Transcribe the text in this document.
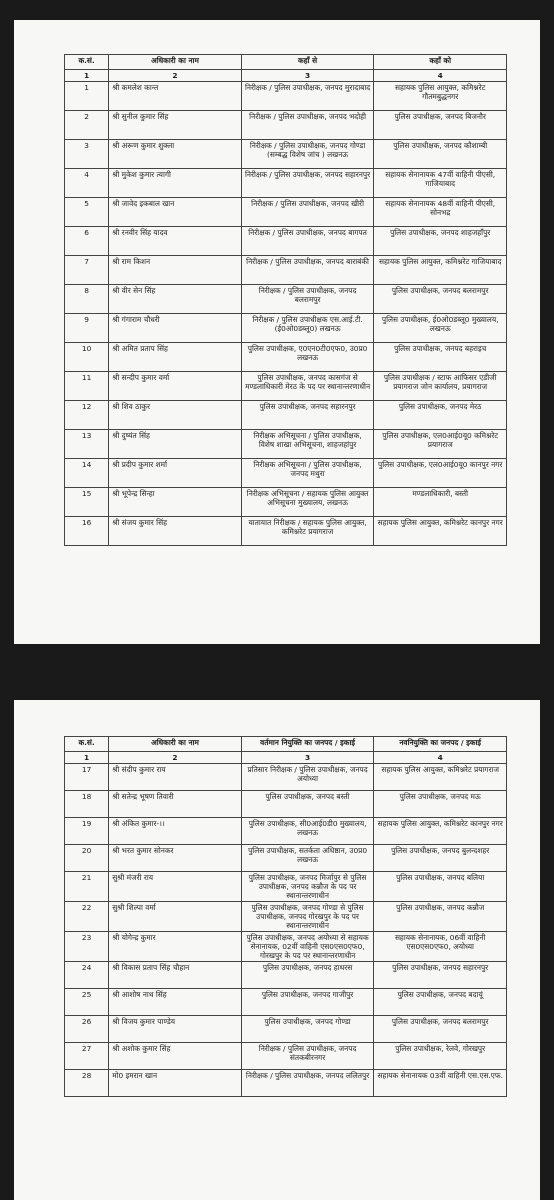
क.सं.	अधिकारी का नाम	कहाँ से	कहाँ को
1	2	3	4
1	श्री कमलेश कान्त	निरीक्षक / पुलिस उपाधीक्षक, जनपद मुरादाबाद	सहायक पुलिस आयुक्त, कमिश्नरेट गौतमबुद्धनगर
2	श्री सुनील कुमार सिंह	निरीक्षक / पुलिस उपाधीक्षक, जनपद भदोही	पुलिस उपाधीक्षक, जनपद बिजनौर
3	श्री अरूण कुमार शुक्ला	निरीक्षक / पुलिस उपाधीक्षक, जनपद गोण्डा (सम्बद्ध विशेष जांच ) लखनऊ	पुलिस उपाधीक्षक, जनपद कौशाम्बी
4	श्री मुकेश कुमार त्यागी	निरीक्षक / पुलिस उपाधीक्षक, जनपद सहारनपुर	सहायक सेनानायक 47वीं वाहिनी पीएसी, गाजियाबाद
5	श्री जावेद इकबाल खान	निरीक्षक / पुलिस उपाधीक्षक, जनपद खीरी	सहायक सेनानायक 48वीं वाहिनी पीएसी, सोनभद्र
6	श्री रनवीर सिंह यादव	निरीक्षक / पुलिस उपाधीक्षक, जनपद बागपत	पुलिस उपाधीक्षक, जनपद शाहजहाँपुर
7	श्री राम किशन	निरीक्षक / पुलिस उपाधीक्षक, जनपद बाराबंकी	सहायक पुलिस आयुक्त, कमिश्नरेट गाजियाबाद
8	श्री वीर सेन सिंह	निरीक्षक / पुलिस उपाधीक्षक, जनपद बलरामपुर	पुलिस उपाधीक्षक, जनपद बलरामपुर
9	श्री गंगाराम चौधरी	निरीक्षक / पुलिस उपाधीक्षक एस.आई.टी.(ई0ओ0डब्लू0) लखनऊ	पुलिस उपाधीक्षक, ई0ओ0डब्लू0 मुख्यालय, लखनऊ
10	श्री अमित प्रताप सिंह	पुलिस उपाधीक्षक, ए0एन0टी0एफ0, उ0प्र0 लखनऊ	पुलिस उपाधीक्षक, जनपद बहराइच
11	श्री सन्दीप कुमार वर्मा	पुलिस उपाधीक्षक, जनपद कासगंज से मण्डलाधिकारी मेरठ के पद पर स्थानान्तरणाधीन	पुलिस उपाधीक्षक / स्टाफ आफिसर एडीजी प्रयागराज जोन कार्यालय, प्रयागराज
12	श्री शिव ठाकुर	पुलिस उपाधीक्षक, जनपद सहारनपुर	पुलिस उपाधीक्षक, जनपद मेरठ
13	श्री दुष्यंत सिंह	निरीक्षक अभिसूचना / पुलिस उपाधीक्षक, विशेष शाखा अभिसूचना, शाहजहांपुर	पुलिस उपाधीक्षक, एल0आई0यू0 कमिश्नरेट प्रयागराज
14	श्री प्रदीप कुमार शर्मा	निरीक्षक अभिसूचना / पुलिस उपाधीक्षक, जनपद मथुरा	पुलिस उपाधीक्षक, एल0आई0यू0 कानपुर नगर
15	श्री भूपेन्द्र सिन्हा	निरीक्षक अभिसूचना / सहायक पुलिस आयुक्त अभिसूचना मुख्यालय, लखनऊ	मण्डलाधिकारी, बस्ती
16	श्री संजय कुमार सिंह	यातायात निरीक्षक / सहायक पुलिस आयुक्त, कमिश्नरेट प्रयागराज	सहायक पुलिस आयुक्त, कमिश्नरेट कानपुर नगर
क.सं.	अधिकारी का नाम	वर्तमान नियुक्ति का जनपद / इकाई	नवनियुक्ति का जनपद / इकाई
1	2	3	4
17	श्री संदीप कुमार राय	प्रतिसार निरीक्षक / पुलिस उपाधीक्षक, जनपद अयोध्या	सहायक पुलिस आयुक्त, कमिश्नरेट प्रयागराज
18	श्री सतेन्द्र भूषण तिवारी	पुलिस उपाधीक्षक, जनपद बस्ती	पुलिस उपाधीक्षक, जनपद मऊ
19	श्री अंकित कुमार-।।	पुलिस उपाधीक्षक, सी0आई0डी0 मुख्यालय, लखनऊ	सहायक पुलिस आयुक्त, कमिश्नरेट कानपुर नगर
20	श्री भरत कुमार सोनकर	पुलिस उपाधीक्षक, सतर्कता अधिष्ठान, उ0प्र0 लखनऊ	पुलिस उपाधीक्षक, जनपद बुलन्दशहर
21	सुश्री मंजरी राय	पुलिस उपाधीक्षक, जनपद मिर्जापुर से पुलिस उपाधीक्षक, जनपद कन्नौज के पद पर स्थानान्तरणाधीन	पुलिस उपाधीक्षक, जनपद बलिया
22	सुश्री शिल्पा वर्मा	पुलिस उपाधीक्षक, जनपद गोण्डा से पुलिस उपाधीक्षक, जनपद गोरखपुर के पद पर स्थानान्तरणाधीन	पुलिस उपाधीक्षक, जनपद कन्नौज
23	श्री योगेन्द्र कुमार	पुलिस उपाधीक्षक, जनपद अयोध्या से सहायक सेनानायक, 02वीं वाहिनी एस0एस0एफ0, गोरखपुर के पद पर स्थानान्तरणाधीन	सहायक सेनानायक, 06वीं वाहिनी एस0एस0एफ0, अयोध्या
24	श्री विकास प्रताप सिंह चौहान	पुलिस उपाधीक्षक, जनपद हाथरस	पुलिस उपाधीक्षक, जनपद सहारनपुर
25	श्री आशोष नाथ सिंह	पुलिस उपाधीक्षक, जनपद गाजीपुर	पुलिस उपाधीक्षक, जनपद बदायूं
26	श्री विजय कुमार पाण्डेय	पुलिस उपाधीक्षक, जनपद गोण्डा	पुलिस उपाधीक्षक, जनपद बलरामपुर
27	श्री अशोक कुमार सिंह	निरीक्षक / पुलिस उपाधीक्षक, जनपद संतकबीरनगर	पुलिस उपाधीक्षक, रेलवे, गोरखपुर
28	मो0 इमरान खान	निरीक्षक / पुलिस उपाधीक्षक, जनपद ललितपुर	सहायक सेनानायक 03वीं वाहिनी एस.एस.एफ.
